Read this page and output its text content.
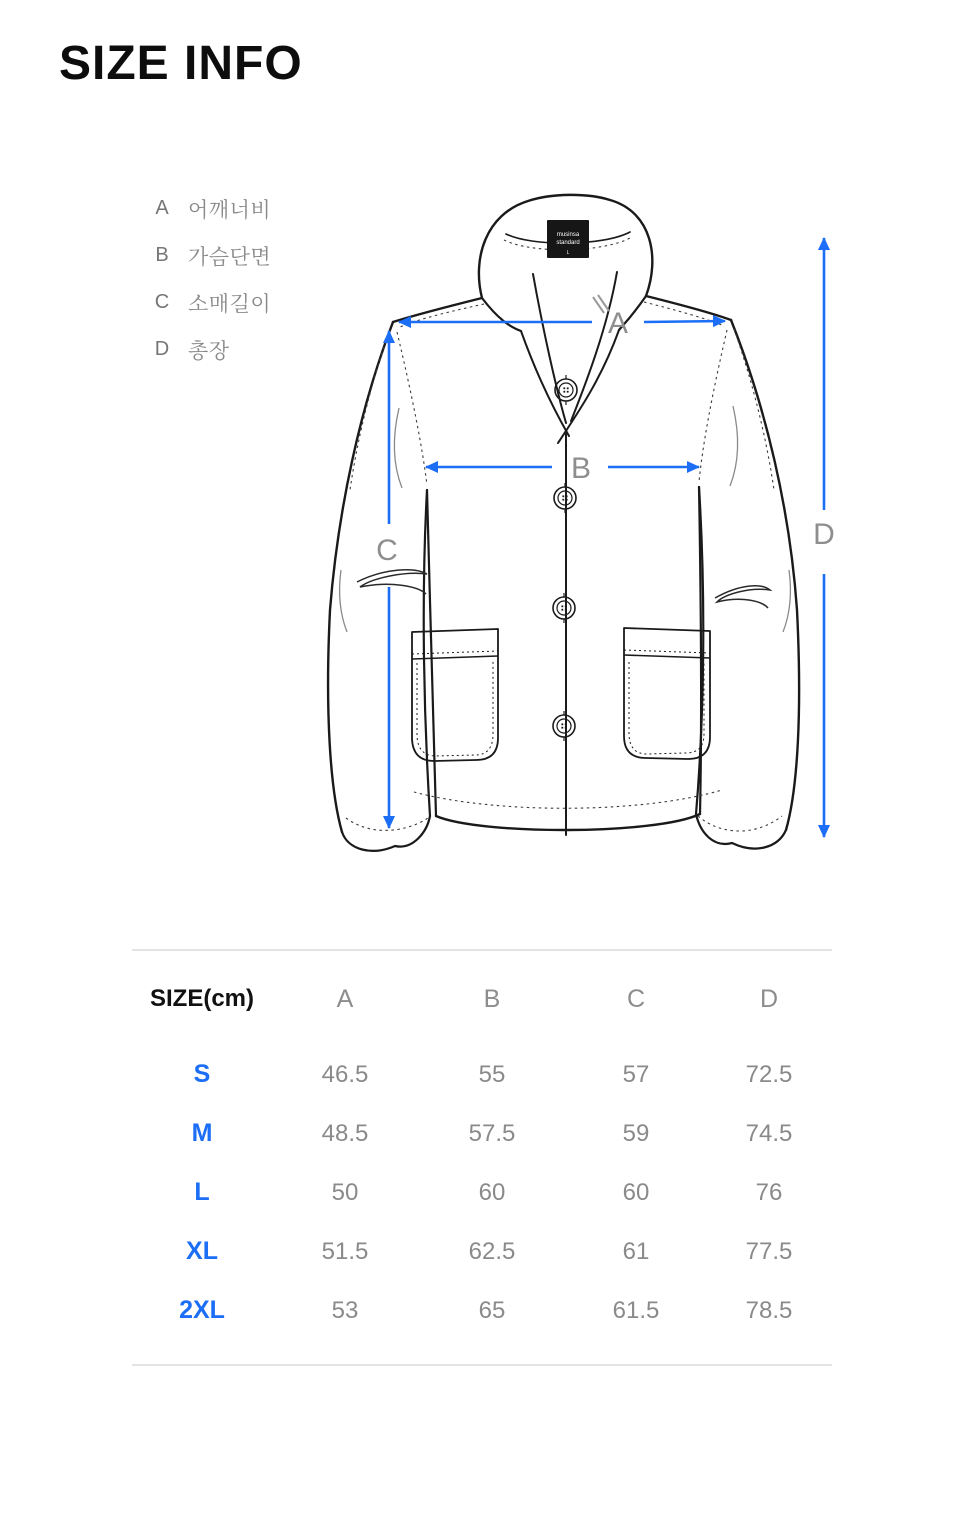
SIZE INFO
A 어깨너비
B 가슴단면
C 소매길이
D 총장
musinsa
standard
L
A
B
C	D
SIZE(cm)	A	B	C	D
S	46.5	55	57	72.5
M	48.5	57.5	59	74.5
L	50	60	60	76
XL	51.5	62.5	61	77.5
2XL	53	65	61.5	78.5
